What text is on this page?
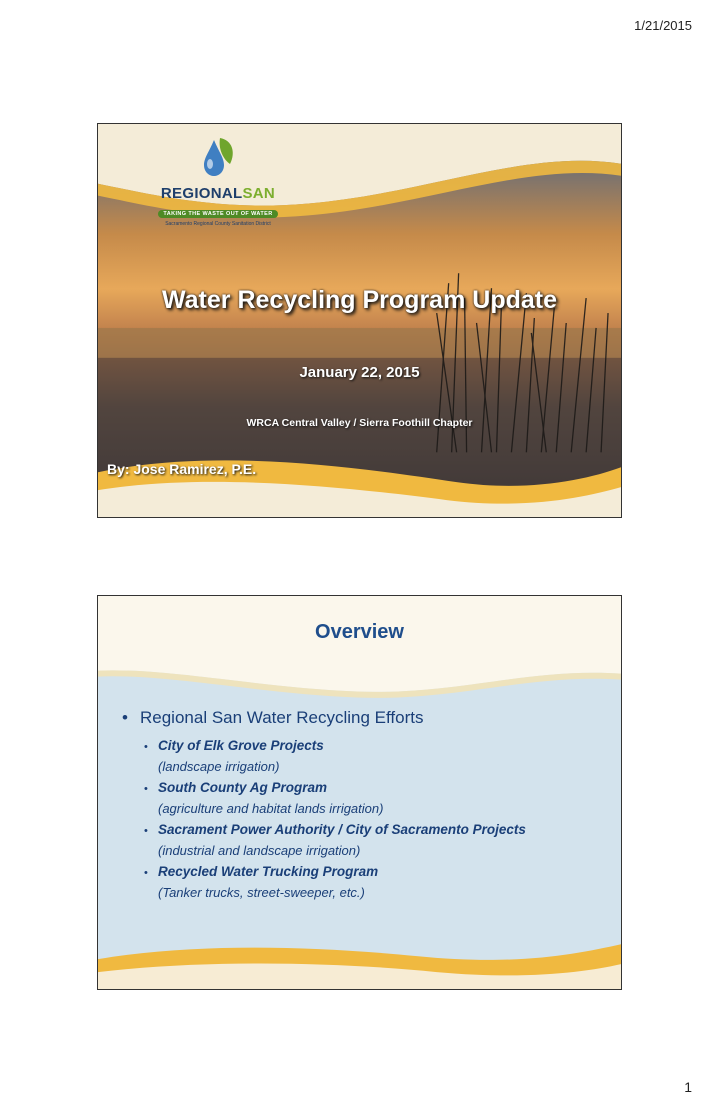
1/21/2015
REGIONALSAN
TAKING THE WASTE OUT OF WATER
Sacramento Regional County Sanitation District
Water Recycling Program Update
January 22, 2015
WRCA Central Valley / Sierra Foothill Chapter
By: Jose Ramirez, P.E.
Overview
• Regional San Water Recycling Efforts
• City of Elk Grove Projects
(landscape irrigation)
• South County Ag Program
(agriculture and habitat lands irrigation)
• Sacrament Power Authority / City of Sacramento Projects
(industrial and landscape irrigation)
• Recycled Water Trucking Program
(Tanker trucks, street-sweeper, etc.)
1
